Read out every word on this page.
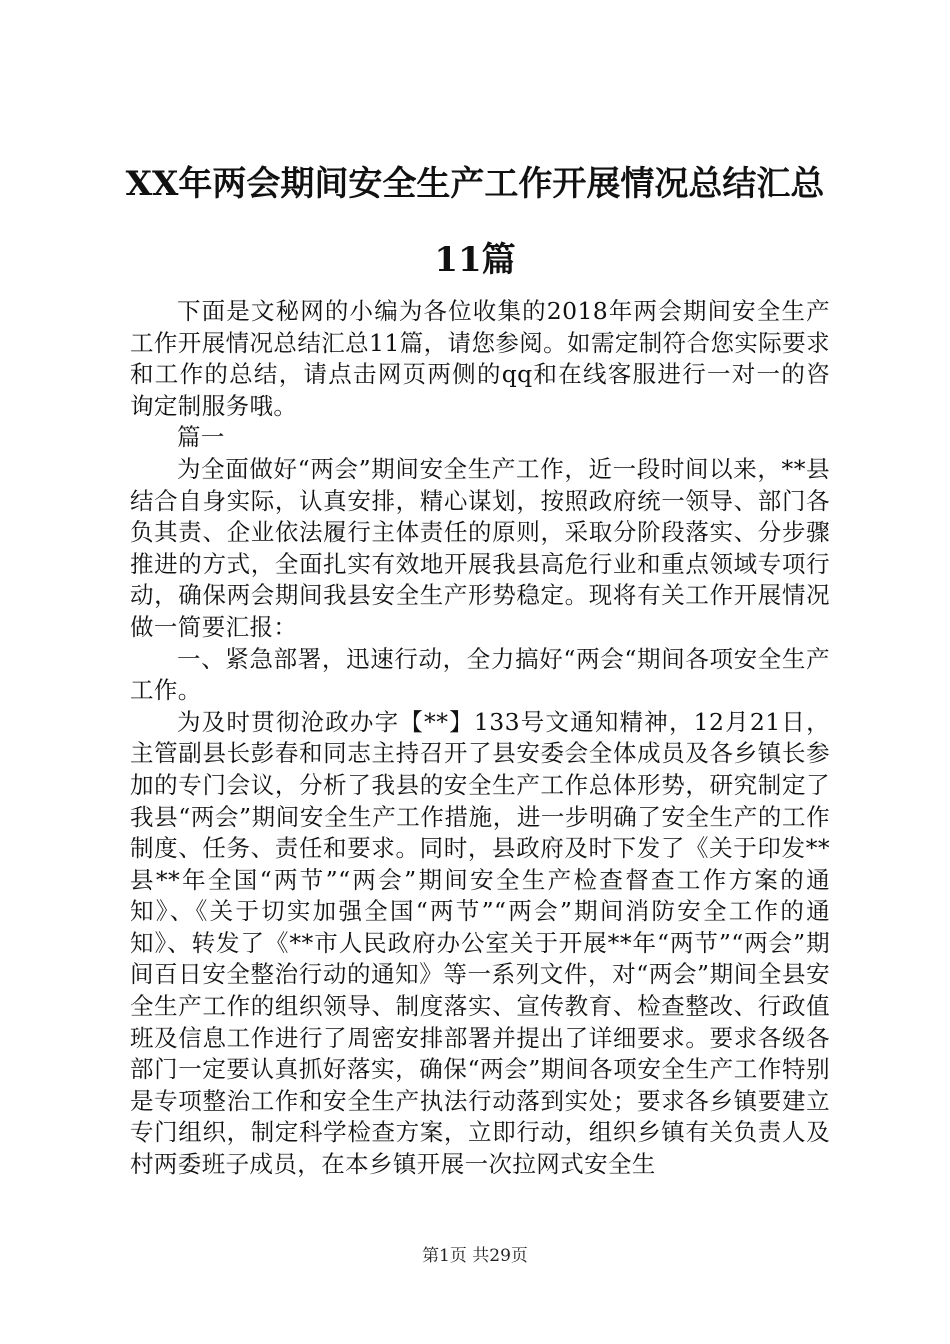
XX年两会期间安全生产工作开展情况总结汇总11篇

下面是文秘网的小编为各位收集的2018年两会期间安全生产工作开展情况总结汇总11篇，请您参阅。如需定制符合您实际要求和工作的总结，请点击网页两侧的qq和在线客服进行一对一的咨询定制服务哦。

篇一

为全面做好“两会”期间安全生产工作，近一段时间以来，**县结合自身实际，认真安排，精心谋划，按照政府统一领导、部门各负其责、企业依法履行主体责任的原则，采取分阶段落实、分步骤推进的方式，全面扎实有效地开展我县高危行业和重点领域专项行动，确保两会期间我县安全生产形势稳定。现将有关工作开展情况做一简要汇报：

一、紧急部署，迅速行动，全力搞好“两会“期间各项安全生产工作。

为及时贯彻沧政办字【**】133号文通知精神，12月21日，主管副县长彭春和同志主持召开了县安委会全体成员及各乡镇长参加的专门会议，分析了我县的安全生产工作总体形势，研究制定了我县“两会”期间安全生产工作措施，进一步明确了安全生产的工作制度、任务、责任和要求。同时，县政府及时下发了《关于印发**县**年全国“两节”“两会”期间安全生产检查督查工作方案的通知》、《关于切实加强全国“两节”“两会”期间消防安全工作的通知》、转发了《**市人民政府办公室关于开展**年“两节”“两会”期间百日安全整治行动的通知》等一系列文件，对“两会”期间全县安全生产工作的组织领导、制度落实、宣传教育、检查整改、行政值班及信息工作进行了周密安排部署并提出了详细要求。要求各级各部门一定要认真抓好落实，确保“两会”期间各项安全生产工作特别是专项整治工作和安全生产执法行动落到实处；要求各乡镇要建立专门组织，制定科学检查方案，立即行动，组织乡镇有关负责人及村两委班子成员，在本乡镇开展一次拉网式安全生

第1页 共29页
